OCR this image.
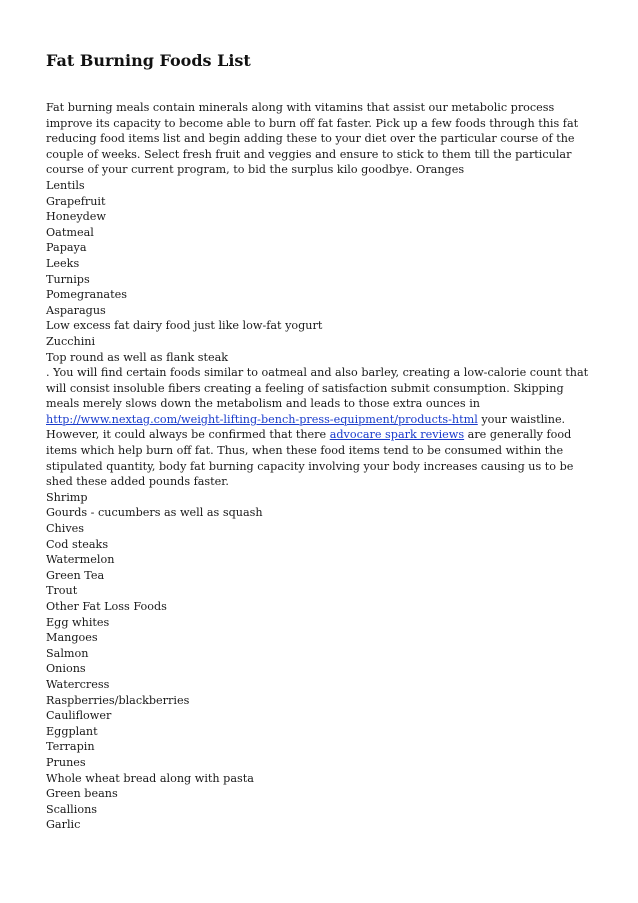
Fat Burning Foods List

Fat burning meals contain minerals along with vitamins that assist our metabolic process improve its capacity to become able to burn off fat faster. Pick up a few foods through this fat reducing food items list and begin adding these to your diet over the particular course of the couple of weeks. Select fresh fruit and veggies and ensure to stick to them till the particular course of your current program, to bid the surplus kilo goodbye. Oranges

Lentils
Grapefruit
Honeydew
Oatmeal
Papaya
Leeks
Turnips
Pomegranates
Asparagus
Low excess fat dairy food just like low-fat yogurt
Zucchini
Top round as well as flank steak

. You will find certain foods similar to oatmeal and also barley, creating a low-calorie count that will consist insoluble fibers creating a feeling of satisfaction submit consumption. Skipping meals merely slows down the metabolism and leads to those extra ounces in
http://www.nextag.com/weight-lifting-bench-press-equipment/products-html your waistline. However, it could always be confirmed that there advocare spark reviews are generally food items which help burn off fat. Thus, when these food items tend to be consumed within the stipulated quantity, body fat burning capacity involving your body increases causing us to be shed these added pounds faster.

Shrimp
Gourds - cucumbers as well as squash
Chives
Cod steaks
Watermelon
Green Tea
Trout
Other Fat Loss Foods
Egg whites
Mangoes
Salmon
Onions
Watercress
Raspberries/blackberries
Cauliflower
Eggplant
Terrapin
Prunes
Whole wheat bread along with pasta
Green beans
Scallions
Garlic
